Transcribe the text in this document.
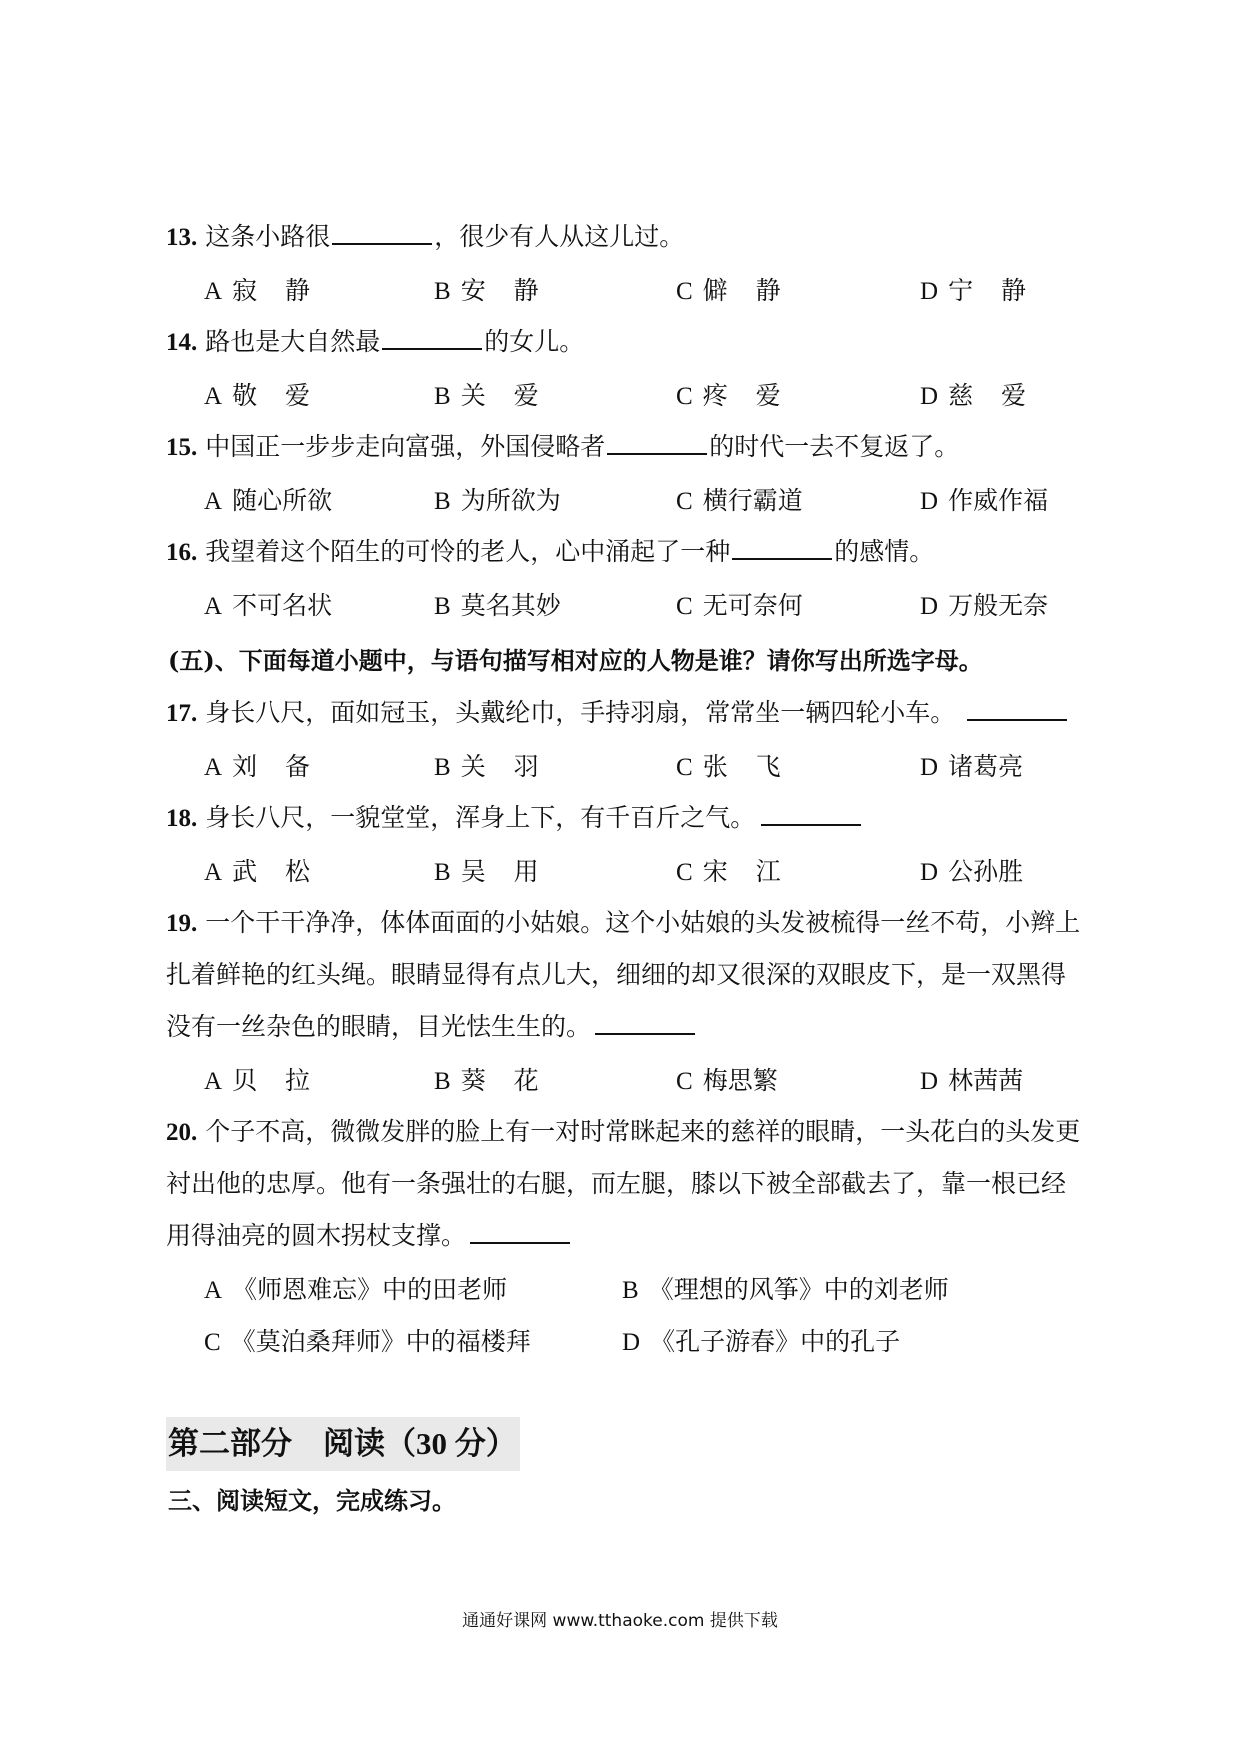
13. 这条小路很	，很少有人从这儿过。
A 寂 静	B 安 静	C 僻 静	D 宁 静
14. 路也是大自然最	的女儿。
A 敬 爱	B 关 爱	C 疼 爱	D 慈 爱
15. 中国正一步步走向富强，外国侵略者	的时代一去不复返了。
A 随心所欲	B 为所欲为	C 横行霸道	D 作威作福
16. 我望着这个陌生的可怜的老人，心中涌起了一种	的感情。
A 不可名状	B 莫名其妙	C 无可奈何	D 万般无奈
(五)、下面每道小题中，与语句描写相对应的人物是谁？请你写出所选字母。
17. 身长八尺，面如冠玉，头戴纶巾，手持羽扇，常常坐一辆四轮小车。
A 刘 备	B 关 羽	C 张 飞	D 诸葛亮
18. 身长八尺，一貌堂堂，浑身上下，有千百斤之气。
A 武 松	B 吴 用	C 宋 江	D 公孙胜
19. 一个干干净净，体体面面的小姑娘。这个小姑娘的头发被梳得一丝不苟，小辫上
扎着鲜艳的红头绳。眼睛显得有点儿大，细细的却又很深的双眼皮下，是一双黑得
没有一丝杂色的眼睛，目光怯生生的。
A 贝 拉	B 葵 花	C 梅思繁	D 林茜茜
20. 个子不高，微微发胖的脸上有一对时常眯起来的慈祥的眼睛，一头花白的头发更
衬出他的忠厚。他有一条强壮的右腿，而左腿，膝以下被全部截去了，靠一根已经
用得油亮的圆木拐杖支撑。
A 《师恩难忘》中的田老师	B 《理想的风筝》中的刘老师
C 《莫泊桑拜师》中的福楼拜	D 《孔子游春》中的孔子
第二部分　阅读（30 分）
三、阅读短文，完成练习。
通通好课网 www.tthaoke.com 提供下载
